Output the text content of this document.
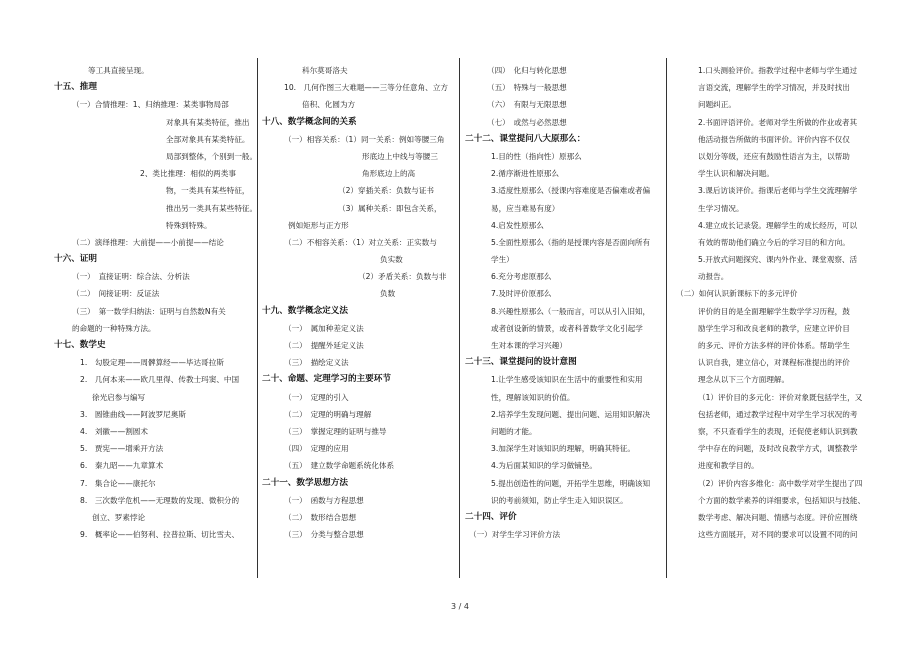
等工具直接呈现。
十五、推理
（一）合情推理：1、归纳推理：某类事物局部
对象具有某类特征，推出
全部对象具有某类特征。
局部到整体，个别到一般。
2、类比推理：相似的两类事
物，一类具有某些特征，
推出另一类具有某些特征。
特殊到特殊。
（二）演绎推理：大前提——小前提——结论
十六、证明
（一）　直接证明：综合法、分析法
（二）　间接证明：反证法
（三）　第一数学归纳法：证明与自然数N有关
的命题的一种特殊方法。
十七、数学史
1.　勾股定理——周髀算经——毕达哥拉斯
2.　几何本来——欧几里得、传教士玛窦、中国
徐光启参与编写
3.　圆锥曲线——阿波罗尼奥斯
4.　刘徽——割圆术
5.　贾宪——增乘开方法
6.　秦九昭——九章算术
7.　集合论——康托尔
8.　三次数学危机——无理数的发现、微积分的
创立、罗素悖论
9.　概率论——伯努利、拉普拉斯、切比雪夫、
科尔莫哥洛夫
10.　几何作图三大难题——三等分任意角、立方
倍积、化圆为方
十八、数学概念间的关系
（一）相容关系：（1）同一关系：例如等腰三角
形底边上中线与等腰三
角形底边上的高
（2）穿插关系：负数与证书
（3）属种关系：即包含关系，
例如矩形与正方形
（二）不相容关系：（1）对立关系：正实数与
负实数
（2）矛盾关系：负数与非
负数
十九、数学概念定义法
（一）　属加种差定义法
（二）　提醒外延定义法
（三）　描绘定义法
二十、命题、定理学习的主要环节
（一）　定理的引入
（二）　定理的明确与理解
（三）　掌握定理的证明与推导
（四）　定理的应用
（五）　建立数学命题系统化体系
二十一、数学思想方法
（一）　函数与方程思想
（二）　数形结合思想
（三）　分类与整合思想
（四）　化归与转化思想
（五）　特殊与一般思想
（六）　有限与无限思想
（七）　或然与必然思想
二十二、课堂提问八大原那么：
1.目的性（指向性）原那么
2.循序渐进性原那么
3.适度性原那么（授课内容难度是否偏难或者偏
易，应当难易有度）
4.启发性原那么
5.全面性原那么（指的是授课内容是否面向所有
学生）
6.充分考虑原那么
7.及时评价原那么
8.兴趣性原那么（一般而言，可以从引入旧知，
或者创设新的情景，或者科普数学文化引起学
生对本课的学习兴趣）
二十三、课堂提问的设计意图
1.让学生感受该知识在生活中的重要性和实用
性，理解该知识的价值。
2.培养学生发现问题、提出问题、运用知识解决
问题的才能。
3.加深学生对该知识的理解，明确其特征。
4.为后面某知识的学习做铺垫。
5.提出创造性的问题，开拓学生思维，明确该知
识的考前须知，防止学生走入知识误区。
二十四、评价
（一）对学生学习评价方法
1.口头测验评价。指教学过程中老师与学生通过
言语交流，理解学生的学习情况，并及时找出
问题纠正。
2.书面评语评价。老师对学生所做的作业或者其
他活动报告所做的书面评价。评价内容不仅仅
以划分等级，还应有鼓励性语言为主，以帮助
学生认识和解决问题。
3.课后访谈评价。指课后老师与学生交流理解学
生学习情况。
4.建立成长记录袋。理解学生的成长经历，可以
有效的帮助他们确立今后的学习目的和方向。
5.开放式问题探究、课内外作业、课堂观察、活
动报告。
（二）如何认识新课标下的多元评价
评价的目的是全面理解学生数学学习历程，鼓
励学生学习和改良老师的教学，应建立评价目
的多元、评价方法多样的评价体系。帮助学生
认识自我，建立信心，对课程标准提出的评价
理念从以下三个方面理解。
（1）评价目的多元化：评价对象既包括学生，又
包括老师，通过教学过程中对学生学习状况的考
察，不只查看学生的表现，还促使老师认识到教
学中存在的问题，及时改良教学方式，调整教学
进度和教学目的。
（2）评价内容多维化：高中数学对学生提出了四
个方面的数学素养的详细要求，包括知识与技能、
数学考虑、解决问题、情感与态度。评价应围绕
这些方面展开，对不同的要求可以设置不同的问
3 / 4
